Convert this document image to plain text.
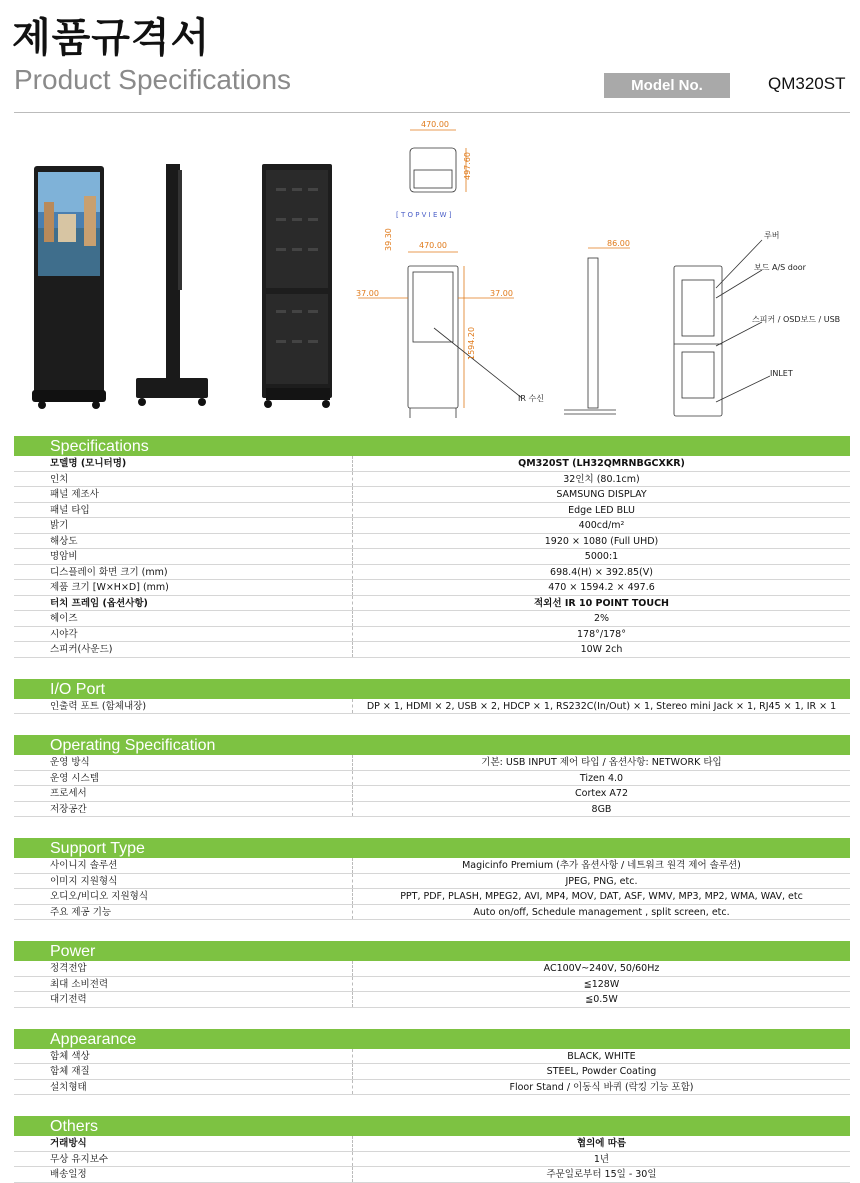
제품규격서
Product Specifications	Model No.	QM320ST
470.00
497.60
[ T O P V I E W ]
39.30	470.00
37.00	37.00
1594.20
IR 수신
86.00
루버
보드 A/S door
스피커 / OSD보드 / USB
INLET
Specifications
모델명 (모니터명)	QM320ST (LH32QMRNBGCXKR)
인치	32인치 (80.1cm)
패널 제조사	SAMSUNG DISPLAY
패널 타입	Edge LED BLU
밝기	400cd/m²
해상도	1920 × 1080 (Full UHD)
명암비	5000:1
디스플레이 화면 크기 (mm)	698.4(H) × 392.85(V)
제품 크기 [W×H×D] (mm)	470 × 1594.2 × 497.6
터치 프레임 (옵션사항)	적외선 IR 10 POINT TOUCH
헤이즈	2%
시야각	178°/178°
스피커(사운드)	10W 2ch
I/O Port
인출력 포트 (함체내장)	DP × 1, HDMI × 2, USB × 2, HDCP × 1, RS232C(In/Out) × 1, Stereo mini Jack × 1, RJ45 × 1, IR × 1
Operating Specification
운영 방식	기본: USB INPUT 제어 타입 / 옵션사항: NETWORK 타입
운영 시스템	Tizen 4.0
프로세서	Cortex A72
저장공간	8GB
Support Type
사이니지 솔루션	Magicinfo Premium (추가 옵션사항 / 네트워크 원격 제어 솔루션)
이미지 지원형식	JPEG, PNG, etc.
오디오/비디오 지원형식	PPT, PDF, PLASH, MPEG2, AVI, MP4, MOV, DAT, ASF, WMV, MP3, MP2, WMA, WAV, etc
주요 제공 기능	Auto on/off, Schedule management , split screen, etc.
Power
정격전압	AC100V~240V, 50/60Hz
최대 소비전력	≦128W
대기전력	≦0.5W
Appearance
함체 색상	BLACK, WHITE
함체 재질	STEEL, Powder Coating
설치형태	Floor Stand / 이동식 바퀴 (락킹 기능 포함)
Others
거래방식	협의에 따름
무상 유지보수	1년
배송일정	주문일로부터 15일 - 30일
